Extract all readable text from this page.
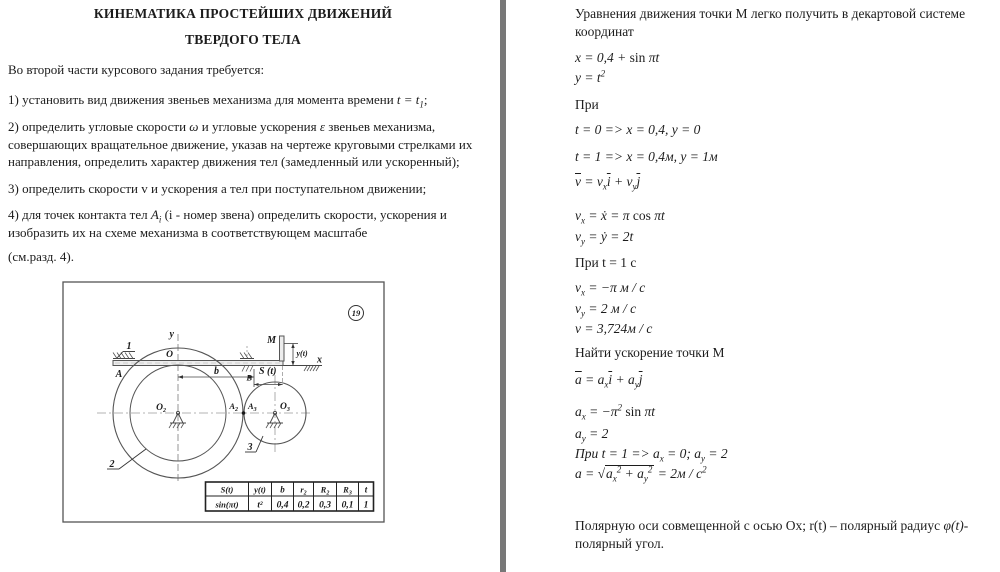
КИНЕМАТИКА ПРОСТЕЙШИХ ДВИЖЕНИЙ
ТВЕРДОГО ТЕЛА

Во второй части курсового задания требуется:

1) установить вид движения звеньев механизма для момента времени $t = t_1$;

2) определить угловые скорости ω и угловые ускорения ε звеньев механизма, совершающих вращательное движение, указав на чертеже круговыми стрелками их направления, определить характер движения тел (замедленный или ускоренный);

3) определить скорости v и ускорения а тел при поступательном движении;

4) для точек контакта тел $A_i$ (i - номер звена) определить скорости, ускорения и изобразить их на схеме механизма в соответствующем масштабе

(см.разд. 4).

19
y
x
M
y(t)
b	S (t)
B
1
A
O
$A_2$ $A_3$
$O_2$	$O_3$
2
3
S(t) y(t) b $r_2$ $R_2$ $R_3$ t
sin(πt) t² 0,4 0,2 0,3 0,1 1

Уравнения движения точки М легко получить в декартовой системе координат

x = 0,4 + sin πt

$y = t^2$

При

t = 0 => x = 0,4, y = 0

t = 1 => x = 0,4м, y = 1м

$\overline{v} = v_x\overline{i} + v_y\overline{j}$

$v_x$ = ẋ = π cos πt

$v_y$ = ẏ = 2t

При t = 1 с

$v_x = -\pi$ м / с

$v_y = 2$ м / с

v = 3,724м / с

Найти ускорение точки М

$\overline{a} = a_x\overline{i} + a_y\overline{j}$

$a_x = -\pi^2$ sin πt

$a_y = 2$

При $t = 1 => a_x = 0$; $a_y = 2$

$a = √a_x^2 + a_y^2 = 2м / с^2$

Полярную оси совмещенной с осью Ox; r(t) – полярный радиус φ(t)- полярный угол.
